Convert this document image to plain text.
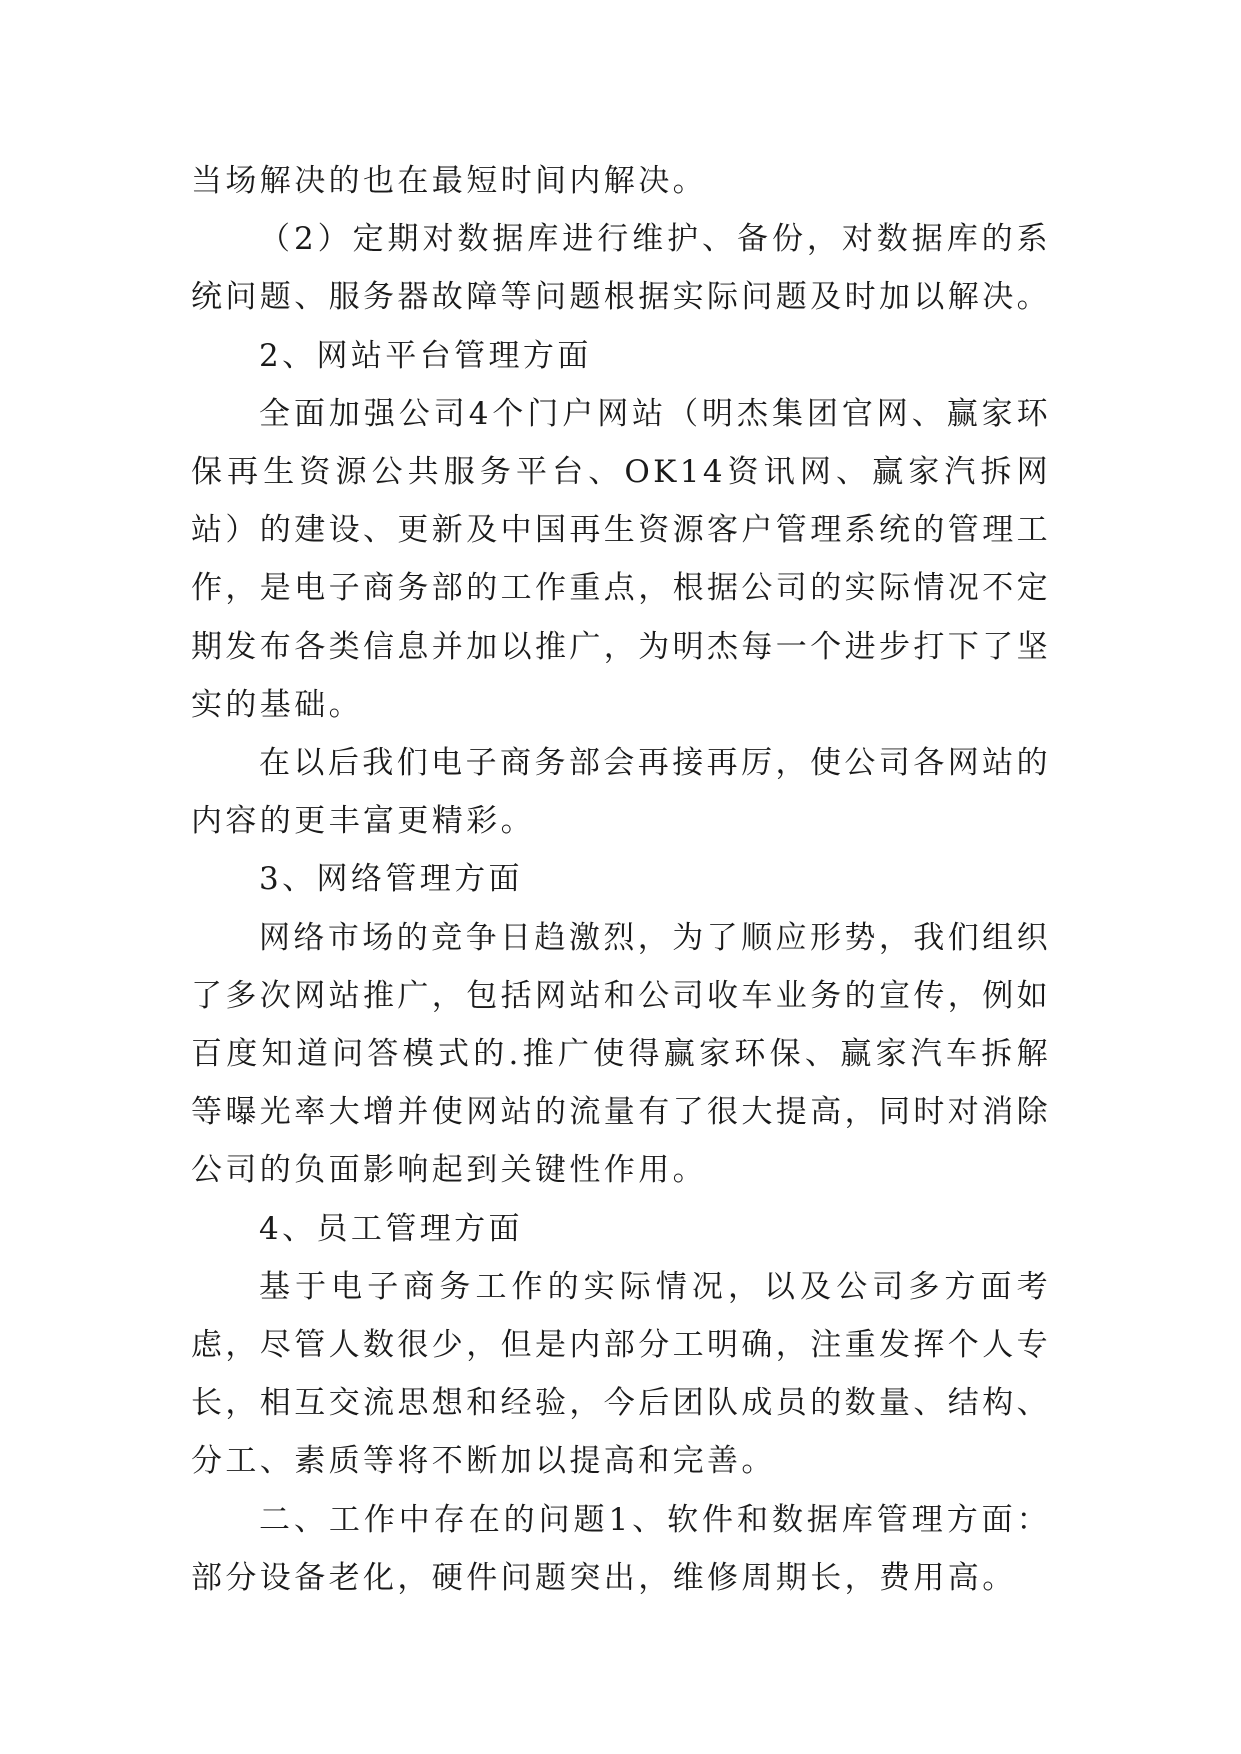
当场解决的也在最短时间内解决。

（2）定期对数据库进行维护、备份，对数据库的系统问题、服务器故障等问题根据实际问题及时加以解决。

2、网站平台管理方面

全面加强公司4个门户网站（明杰集团官网、赢家环保再生资源公共服务平台、OK14资讯网、赢家汽拆网站）的建设、更新及中国再生资源客户管理系统的管理工作，是电子商务部的工作重点，根据公司的实际情况不定期发布各类信息并加以推广，为明杰每一个进步打下了坚实的基础。

在以后我们电子商务部会再接再厉，使公司各网站的内容的更丰富更精彩。

3、网络管理方面

网络市场的竞争日趋激烈，为了顺应形势，我们组织了多次网站推广，包括网站和公司收车业务的宣传，例如百度知道问答模式的.推广使得赢家环保、赢家汽车拆解等曝光率大增并使网站的流量有了很大提高，同时对消除公司的负面影响起到关键性作用。

4、员工管理方面

基于电子商务工作的实际情况，以及公司多方面考虑，尽管人数很少，但是内部分工明确，注重发挥个人专长，相互交流思想和经验，今后团队成员的数量、结构、分工、素质等将不断加以提高和完善。

二、工作中存在的问题1、软件和数据库管理方面：部分设备老化，硬件问题突出，维修周期长，费用高。
